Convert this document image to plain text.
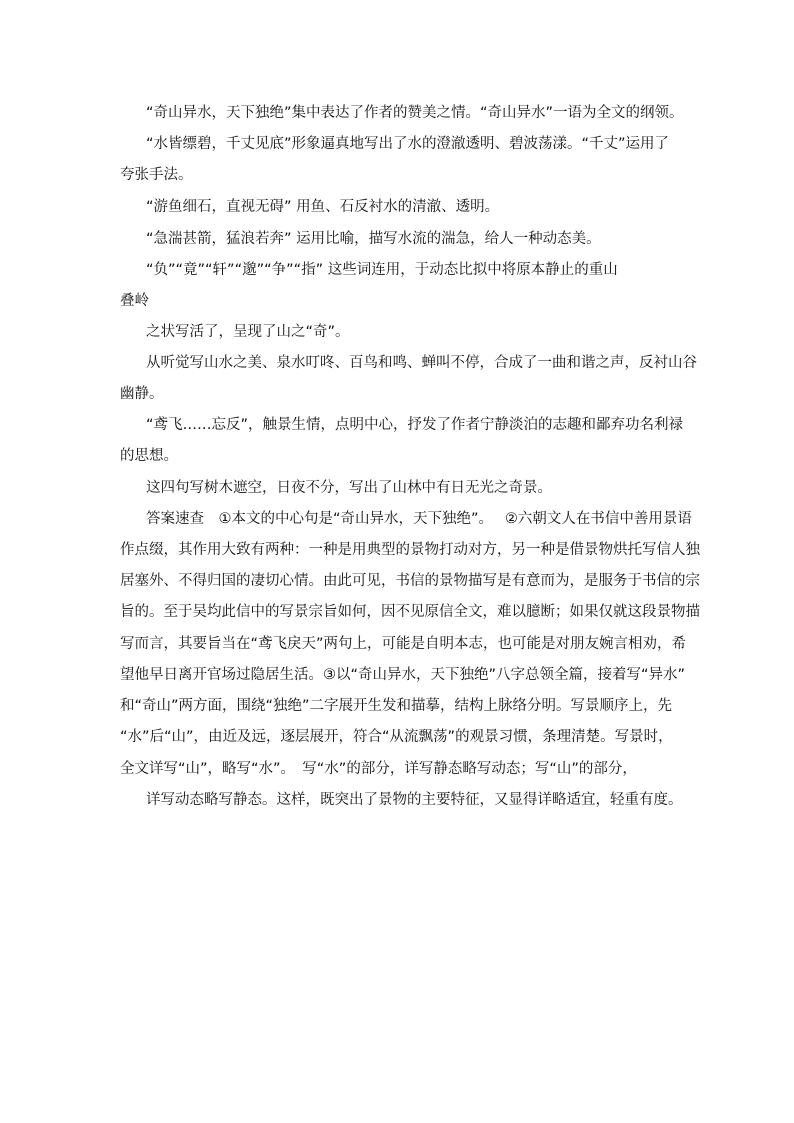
“奇山异水，天下独绝”集中表达了作者的赞美之情。“奇山异水”一语为全文的纲领。
“水皆缥碧，千丈见底”形象逼真地写出了水的澄澈透明、碧波荡漾。“千丈”运用了
夸张手法。
“游鱼细石，直视无碍” 用鱼、石反衬水的清澈、透明。
“急湍甚箭，猛浪若奔” 运用比喻，描写水流的湍急，给人一种动态美。
“负”“竟”“轩”“邈”“争”“指” 这些词连用，于动态比拟中将原本静止的重山
叠岭
之状写活了，呈现了山之“奇”。
从听觉写山水之美、泉水叮咚、百鸟和鸣、蝉叫不停，合成了一曲和谐之声，反衬山谷
幽静。
“鸢飞……忘反”，触景生情，点明中心，抒发了作者宁静淡泊的志趣和鄙弃功名利禄
的思想。
这四句写树木遮空，日夜不分，写出了山林中有日无光之奇景。
答案速查　①本文的中心句是“奇山异水，天下独绝”。　 ②六朝文人在书信中善用景语
作点缀，其作用大致有两种：一种是用典型的景物打动对方，另一种是借景物烘托写信人独
居塞外、不得归国的凄切心情。由此可见，书信的景物描写是有意而为，是服务于书信的宗
旨的。至于吴均此信中的写景宗旨如何，因不见原信全文，难以臆断；如果仅就这段景物描
写而言，其要旨当在“鸢飞戾天”两句上，可能是自明本志，也可能是对朋友婉言相劝，希
望他早日离开官场过隐居生活。③以“奇山异水，天下独绝”八字总领全篇，接着写“异水”
和“奇山”两方面，围绕“独绝”二字展开生发和描摹，结构上脉络分明。写景顺序上，先
“水”后“山”，由近及远，逐层展开，符合“从流飘荡”的观景习惯，条理清楚。写景时，
全文详写“山”，略写“水”。　写“水”的部分，详写静态略写动态；写“山”的部分，
详写动态略写静态。这样，既突出了景物的主要特征，又显得详略适宜，轻重有度。
